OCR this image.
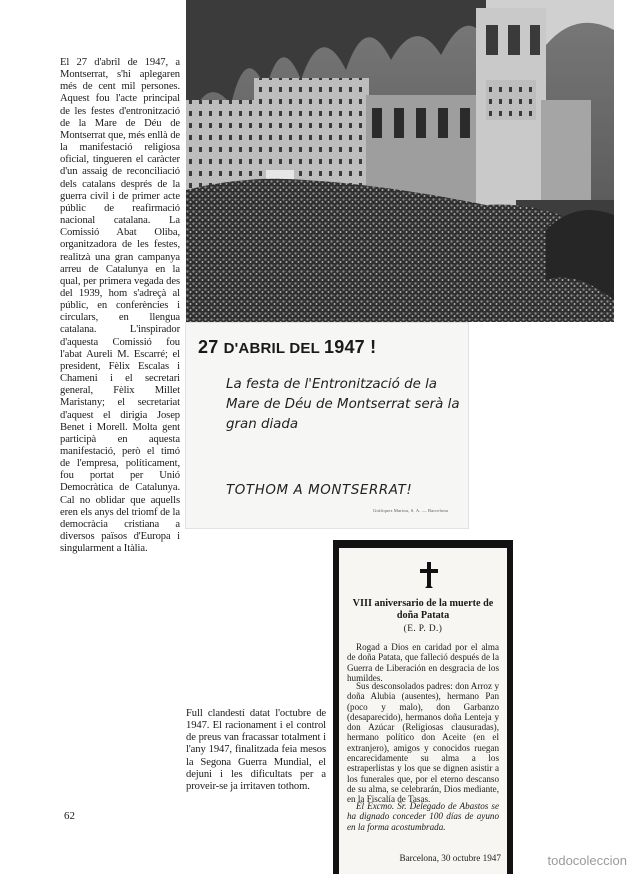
El 27 d'abril de 1947, a Montserrat, s'hi aplegaren més de cent mil persones. Aquest fou l'acte principal de les festes d'entronització de la Mare de Déu de Montserrat que, més enllà de la manifestació religiosa oficial, tingueren el caràcter d'un assaig de reconciliació dels catalans després de la guerra civil i de primer acte públic de reafirmació nacional catalana. La Comissió Abat Oliba, organitzadora de les festes, realitzà una gran campanya arreu de Catalunya en la qual, per primera vegada des del 1939, hom s'adreçà al públic, en conferències i circulars, en llengua catalana. L'inspirador d'aquesta Comissió fou l'abat Aureli M. Escarré; el president, Fèlix Escalas i Chameni i el secretari general, Fèlix Millet Maristany; el secretariat d'aquest el dirigia Josep Benet i Morell. Molta gent participà en aquesta manifestació, però el timó de l'empresa, políticament, fou portat per Unió Democràtica de Catalunya. Cal no oblidar que aquells eren els anys del triomf de la democràcia cristiana a diversos països d'Europa i singularment a Itàlia.
27 D'ABRIL DEL 1947 !
La festa de l'Entronització de la Mare de Déu de Montserrat serà la gran diada
TOTHOM A MONTSERRAT!
Gràfiques Marina, S. A. — Barcelona
Full clandestí datat l'octubre de 1947. El racionament i el control de preus van fracassar totalment i l'any 1947, finalitzada feia mesos la Segona Guerra Mundial, el dejuni i les dificultats per a proveir-se ja irritaven tothom.
62
VIII aniversario de la muerte de doña Patata
(E. P. D.)
Rogad a Dios en caridad por el alma de doña Patata, que falleció después de la Guerra de Liberación en desgracia de los humildes.
Sus desconsolados padres: don Arroz y doña Alubia (ausentes), hermano Pan (poco y malo), don Garbanzo (desaparecido), hermanos doña Lenteja y don Azúcar (Religiosas clausuradas), hermano político don Aceite (en el extranjero), amigos y conocidos ruegan encarecidamente su alma a los estraperlistas y los que se dignen asistir a los funerales que, por el eterno descanso de su alma, se celebrarán, Dios mediante, en la Fiscalía de Tasas.
El Excmo. Sr. Delegado de Abastos se ha dignado conceder 100 días de ayuno en la forma acostumbrada.
Barcelona, 30 octubre 1947	todocoleccion
